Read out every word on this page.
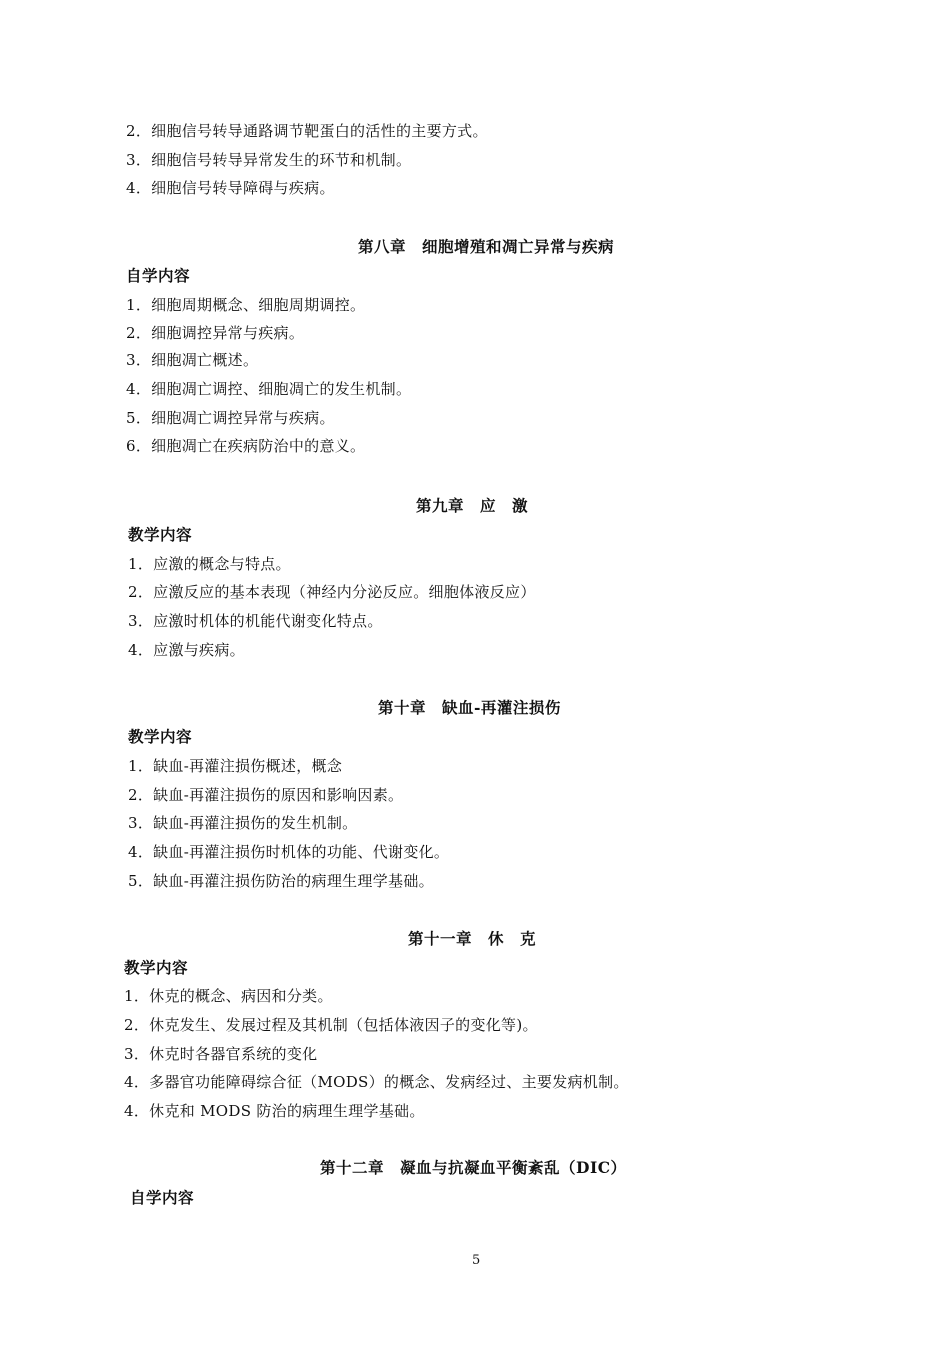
2．细胞信号转导通路调节靶蛋白的活性的主要方式。

3．细胞信号转导异常发生的环节和机制。

4．细胞信号转导障碍与疾病。

第八章　细胞增殖和凋亡异常与疾病

自学内容

1．细胞周期概念、细胞周期调控。

2．细胞调控异常与疾病。

3．细胞凋亡概述。

4．细胞凋亡调控、细胞凋亡的发生机制。

5．细胞凋亡调控异常与疾病。

6．细胞凋亡在疾病防治中的意义。

第九章　应　激

教学内容

1．应激的概念与特点。

2．应激反应的基本表现（神经内分泌反应。细胞体液反应）

3．应激时机体的机能代谢变化特点。

4．应激与疾病。

第十章　缺血-再灌注损伤

教学内容

1．缺血-再灌注损伤概述，概念

2．缺血-再灌注损伤的原因和影响因素。

3．缺血-再灌注损伤的发生机制。

4．缺血-再灌注损伤时机体的功能、代谢变化。

5．缺血-再灌注损伤防治的病理生理学基础。

第十一章　休　克

教学内容

1．休克的概念、病因和分类。

2．休克发生、发展过程及其机制（包括体液因子的变化等)。

3．休克时各器官系统的变化

4．多器官功能障碍综合征（MODS）的概念、发病经过、主要发病机制。

4．休克和 MODS 防治的病理生理学基础。

第十二章　凝血与抗凝血平衡紊乱（DIC）

自学内容

5
